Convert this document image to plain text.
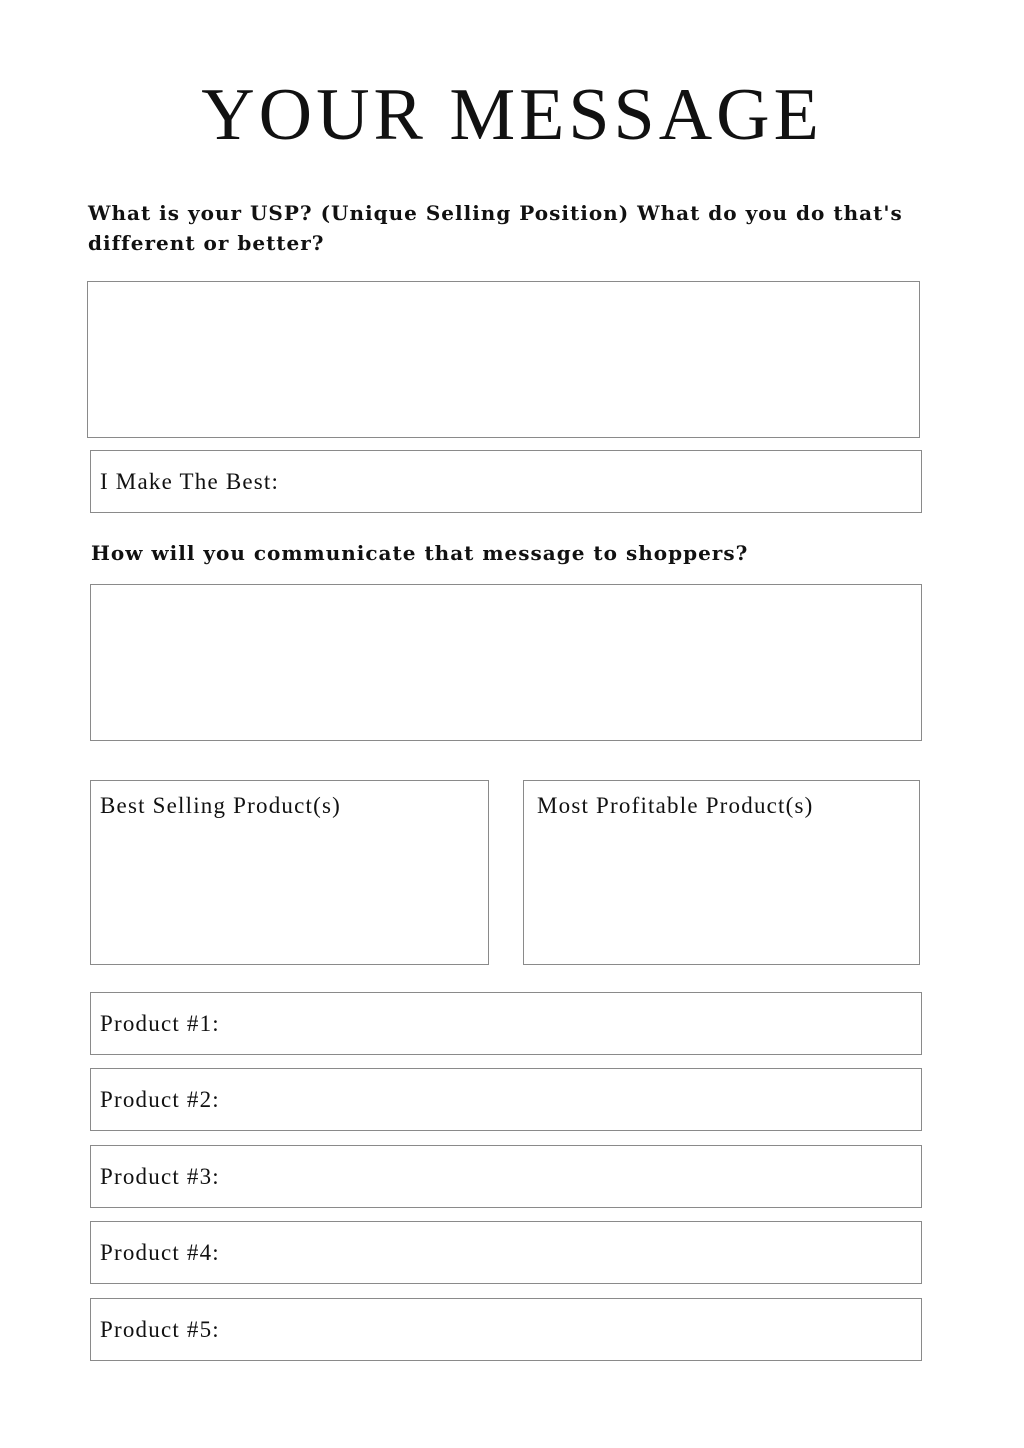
YOUR MESSAGE

What is your USP? (Unique Selling Position) What do you do that's different or better?

I Make The Best:

How will you communicate that message to shoppers?

Best Selling Product(s)	Most Profitable Product(s)
Product #1:
Product #2:
Product #3:
Product #4:
Product #5:
